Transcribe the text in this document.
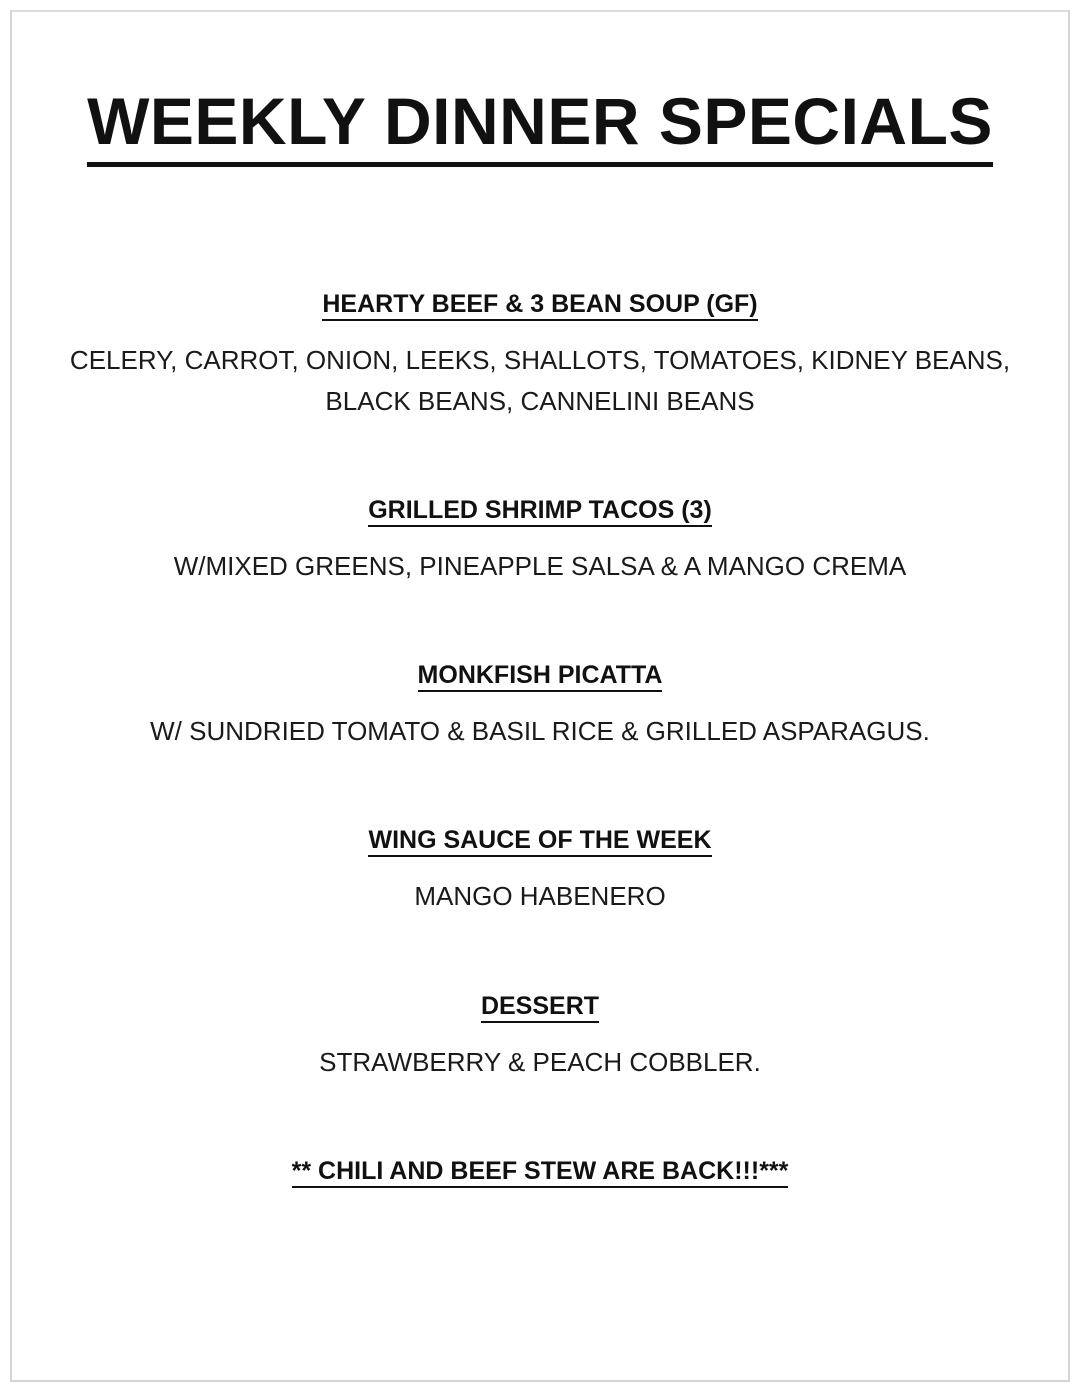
WEEKLY DINNER SPECIALS
HEARTY BEEF & 3 BEAN SOUP (GF)

CELERY, CARROT, ONION, LEEKS, SHALLOTS, TOMATOES, KIDNEY BEANS,

BLACK BEANS, CANNELINI BEANS

GRILLED SHRIMP TACOS (3)

W/MIXED GREENS, PINEAPPLE SALSA & A MANGO CREMA

MONKFISH PICATTA

W/ SUNDRIED TOMATO & BASIL RICE & GRILLED ASPARAGUS.

WING SAUCE OF THE WEEK

MANGO HABENERO

DESSERT

STRAWBERRY & PEACH COBBLER.

** CHILI AND BEEF STEW ARE BACK!!!***
